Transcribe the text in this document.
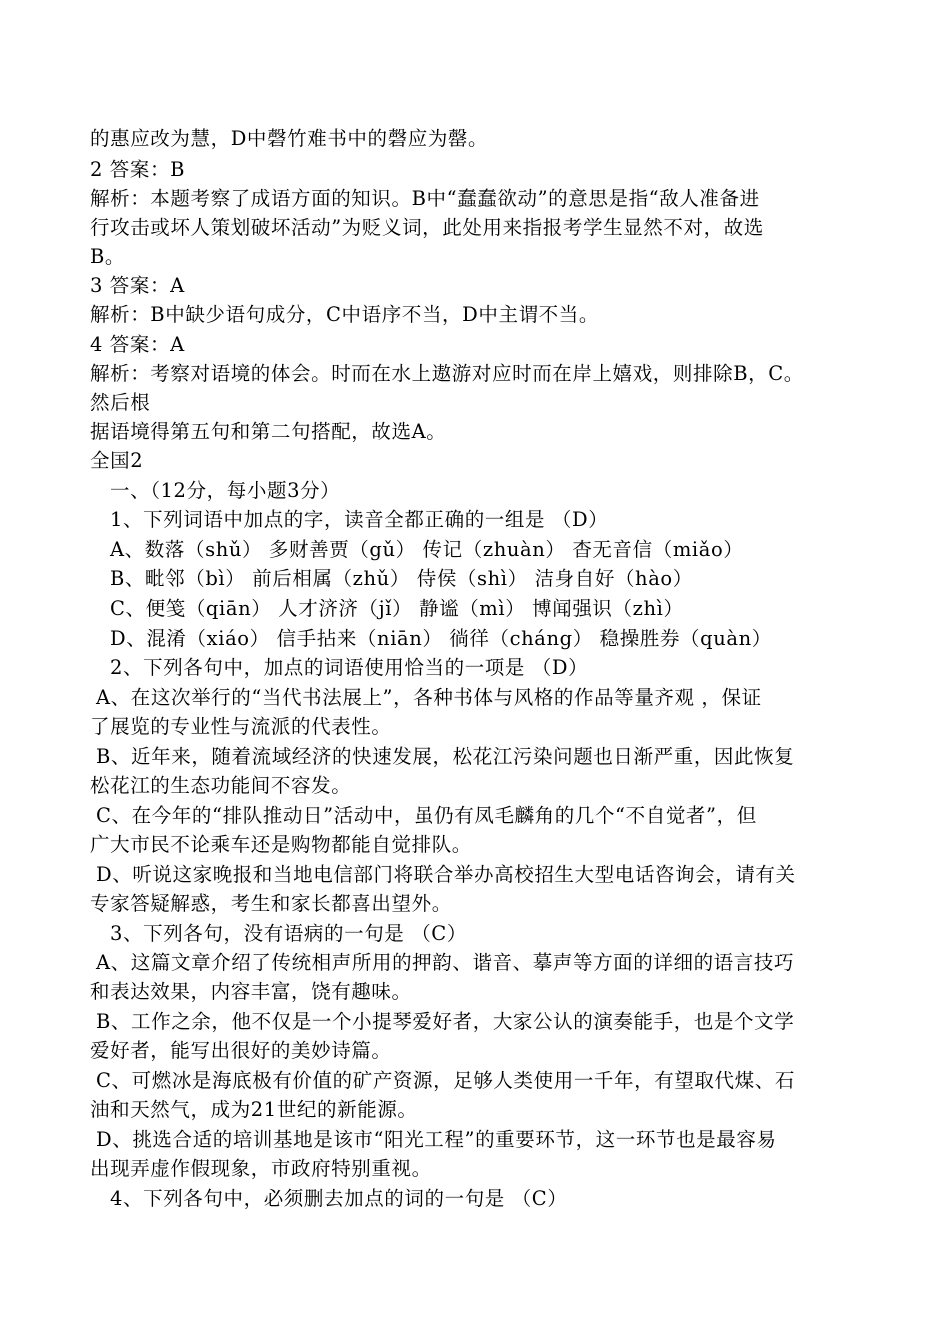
的惠应改为慧，D中磬竹难书中的磬应为罄。
2 答案：B
解析：本题考察了成语方面的知识。B中“蠢蠢欲动”的意思是指“敌人准备进
行攻击或坏人策划破坏活动”为贬义词，此处用来指报考学生显然不对，故选
B。
3 答案：A
解析：B中缺少语句成分，C中语序不当，D中主谓不当。
4 答案：A
解析：考察对语境的体会。时而在水上遨游对应时而在岸上嬉戏，则排除B，C。
然后根
据语境得第五句和第二句搭配，故选A。
全国2
一、（12分，每小题3分）
1、下列词语中加点的字，读音全都正确的一组是 （D）
A、数落（shǔ） 多财善贾（gǔ） 传记（zhuàn） 杳无音信（miǎo）
B、毗邻（bì） 前后相属（zhǔ） 侍侯（shì） 洁身自好（hào）
C、便笺（qiān） 人才济济（jǐ） 静谧（mì） 博闻强识（zhì）
D、混淆（xiáo） 信手拈来（niān） 徜徉（cháng） 稳操胜券（quàn）
2、下列各句中，加点的词语使用恰当的一项是 （D）
A、在这次举行的“当代书法展上”，各种书体与风格的作品等量齐观 ，保证
了展览的专业性与流派的代表性。
B、近年来，随着流域经济的快速发展，松花江污染问题也日渐严重，因此恢复
松花江的生态功能间不容发。
C、在今年的“排队推动日”活动中，虽仍有凤毛麟角的几个“不自觉者”，但
广大市民不论乘车还是购物都能自觉排队。
D、听说这家晚报和当地电信部门将联合举办高校招生大型电话咨询会，请有关
专家答疑解惑，考生和家长都喜出望外。
3、下列各句，没有语病的一句是 （C）
A、这篇文章介绍了传统相声所用的押韵、谐音、摹声等方面的详细的语言技巧
和表达效果，内容丰富，饶有趣味。
B、工作之余，他不仅是一个小提琴爱好者，大家公认的演奏能手，也是个文学
爱好者，能写出很好的美妙诗篇。
C、可燃冰是海底极有价值的矿产资源，足够人类使用一千年，有望取代煤、石
油和天然气，成为21世纪的新能源。
D、挑选合适的培训基地是该市“阳光工程”的重要环节，这一环节也是最容易
出现弄虚作假现象，市政府特别重视。
4、下列各句中，必须删去加点的词的一句是 （C）
